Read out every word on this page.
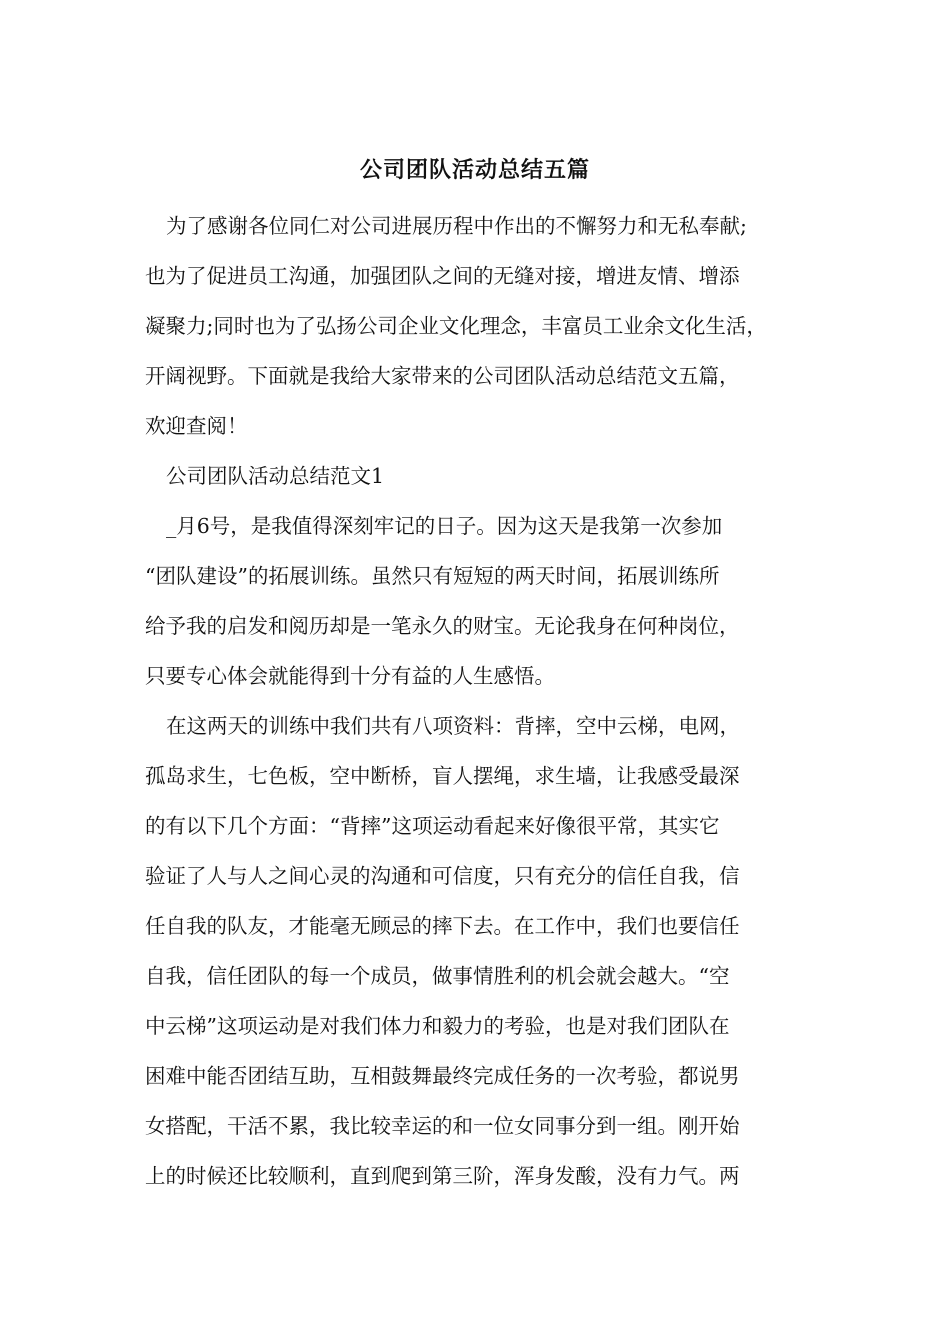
公司团队活动总结五篇

为了感谢各位同仁对公司进展历程中作出的不懈努力和无私奉献;
也为了促进员工沟通，加强团队之间的无缝对接，增进友情、增添
凝聚力;同时也为了弘扬公司企业文化理念，丰富员工业余文化生活，
开阔视野。下面就是我给大家带来的公司团队活动总结范文五篇，
欢迎查阅！

公司团队活动总结范文1

_月6号，是我值得深刻牢记的日子。因为这天是我第一次参加
“团队建设”的拓展训练。虽然只有短短的两天时间，拓展训练所
给予我的启发和阅历却是一笔永久的财宝。无论我身在何种岗位，
只要专心体会就能得到十分有益的人生感悟。

在这两天的训练中我们共有八项资料：背摔，空中云梯，电网，
孤岛求生，七色板，空中断桥，盲人摆绳，求生墙，让我感受最深
的有以下几个方面：“背摔”这项运动看起来好像很平常，其实它
验证了人与人之间心灵的沟通和可信度，只有充分的信任自我，信
任自我的队友，才能毫无顾忌的摔下去。在工作中，我们也要信任
自我，信任团队的每一个成员，做事情胜利的机会就会越大。“空
中云梯”这项运动是对我们体力和毅力的考验，也是对我们团队在
困难中能否团结互助，互相鼓舞最终完成任务的一次考验，都说男
女搭配，干活不累，我比较幸运的和一位女同事分到一组。刚开始
上的时候还比较顺利，直到爬到第三阶，浑身发酸，没有力气。两
